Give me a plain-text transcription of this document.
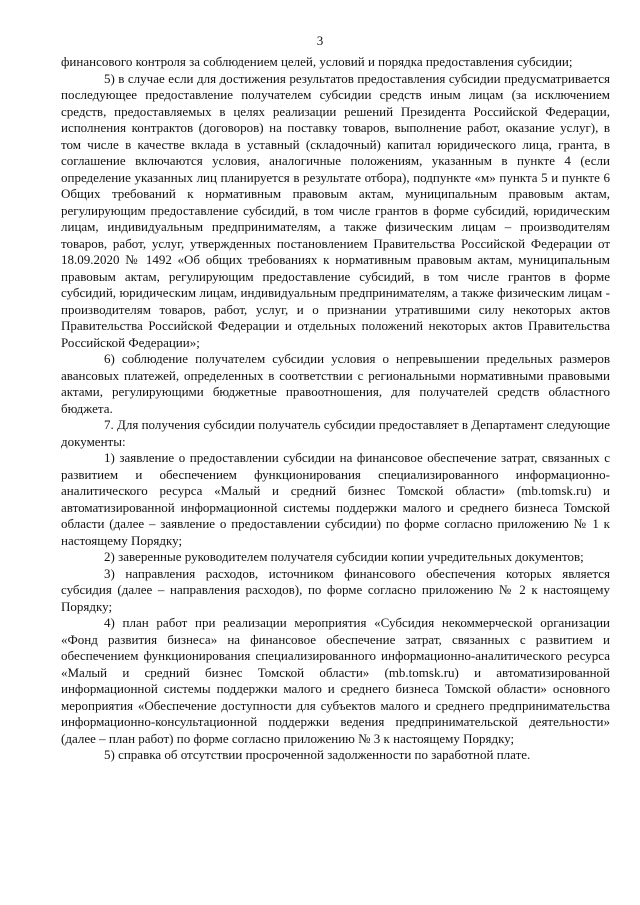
3

финансового контроля за соблюдением целей, условий и порядка предоставления субсидии;

5) в случае если для достижения результатов предоставления субсидии предусматривается последующее предоставление получателем субсидии средств иным лицам (за исключением средств, предоставляемых в целях реализации решений Президента Российской Федерации, исполнения контрактов (договоров) на поставку товаров, выполнение работ, оказание услуг), в том числе в качестве вклада в уставный (складочный) капитал юридического лица, гранта, в соглашение включаются условия, аналогичные положениям, указанным в пункте 4 (если определение указанных лиц планируется в результате отбора), подпункте «м» пункта 5 и пункте 6 Общих требований к нормативным правовым актам, муниципальным правовым актам, регулирующим предоставление субсидий, в том числе грантов в форме субсидий, юридическим лицам, индивидуальным предпринимателям, а также физическим лицам – производителям товаров, работ, услуг, утвержденных постановлением Правительства Российской Федерации от 18.09.2020 № 1492 «Об общих требованиях к нормативным правовым актам, муниципальным правовым актам, регулирующим предоставление субсидий, в том числе грантов в форме субсидий, юридическим лицам, индивидуальным предпринимателям, а также физическим лицам - производителям товаров, работ, услуг, и о признании утратившими силу некоторых актов Правительства Российской Федерации и отдельных положений некоторых актов Правительства Российской Федерации»;

6) соблюдение получателем субсидии условия о непревышении предельных размеров авансовых платежей, определенных в соответствии с региональными нормативными правовыми актами, регулирующими бюджетные правоотношения, для получателей средств областного бюджета.

7. Для получения субсидии получатель субсидии предоставляет в Департамент следующие документы:

1) заявление о предоставлении субсидии на финансовое обеспечение затрат, связанных с развитием и обеспечением функционирования специализированного информационно-аналитического ресурса «Малый и средний бизнес Томской области» (mb.tomsk.ru) и автоматизированной информационной системы поддержки малого и среднего бизнеса Томской области (далее – заявление о предоставлении субсидии) по форме согласно приложению № 1 к настоящему Порядку;

2) заверенные руководителем получателя субсидии копии учредительных документов;

3) направления расходов, источником финансового обеспечения которых является субсидия (далее – направления расходов), по форме согласно приложению № 2 к настоящему Порядку;

4) план работ при реализации мероприятия «Субсидия некоммерческой организации «Фонд развития бизнеса» на финансовое обеспечение затрат, связанных с развитием и обеспечением функционирования специализированного информационно-аналитического ресурса «Малый и средний бизнес Томской области» (mb.tomsk.ru) и автоматизированной информационной системы поддержки малого и среднего бизнеса Томской области» основного мероприятия «Обеспечение доступности для субъектов малого и среднего предпринимательства информационно-консультационной поддержки ведения предпринимательской деятельности» (далее – план работ) по форме согласно приложению № 3 к настоящему Порядку;

5) справка об отсутствии просроченной задолженности по заработной плате.
